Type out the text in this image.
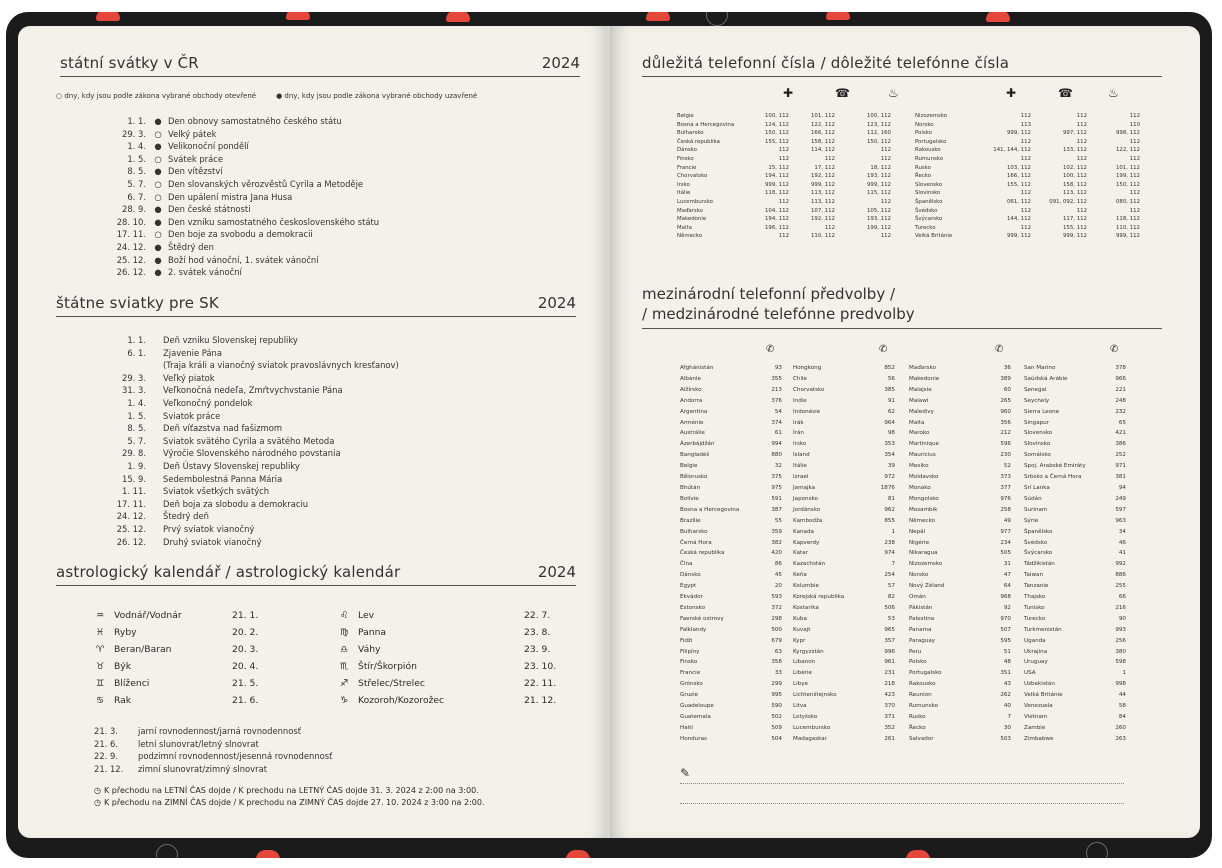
státní svátky v ČR	2024
○ dny, kdy jsou podle zákona vybrané obchody otevřené	● dny, kdy jsou podle zákona vybrané obchody uzavřené
1. 1. ● Den obnovy samostatného českého státu
29. 3. ○ Velký pátek
1. 4. ● Velikonoční pondělí
1. 5. ○ Svátek práce
8. 5. ● Den vítězství
5. 7. ○ Den slovanských věrozvěstů Cyrila a Metoděje
6. 7. ○ Den upálení mistra Jana Husa
28. 9. ● Den české státnosti
28. 10. ● Den vzniku samostatného československého státu
17. 11. ○ Den boje za svobodu a demokracii
24. 12. ● Štědrý den
25. 12. ● Boží hod vánoční, 1. svátek vánoční
26. 12. ● 2. svátek vánoční
štátne sviatky pre SK	2024
1. 1. Deň vzniku Slovenskej republiky
6. 1. Zjavenie Pána
(Traja králi a vianočný sviatok pravoslávnych kresťanov)
29. 3. Veľký piatok
31. 3. Veľkonočná nedeľa, Zmŕtvychvstanie Pána
1. 4. Veľkonočný pondelok
1. 5. Sviatok práce
8. 5. Deň víťazstva nad fašizmom
5. 7. Sviatok svätého Cyrila a svätého Metoda
29. 8. Výročie Slovenského národného povstania
1. 9. Deň Ústavy Slovenskej republiky
15. 9. Sedembolestná Panna Mária
1. 11. Sviatok všetkých svätých
17. 11. Deň boja za slobodu a demokraciu
24. 12. Štedrý deň
25. 12. Prvý sviatok vianočný
26. 12. Druhý sviatok vianočný
astrologický kalendář / astrologický kalendár	2024
♒	Vodnář/Vodnár	21. 1.
♓	Ryby	20. 2.
♈	Beran/Baran	20. 3.
♉	Býk	20. 4.
♊	Blíženci	21. 5.
♋	Rak	21. 6.
♌	Lev	22. 7.
♍	Panna	23. 8.
♎	Váhy	23. 9.
♏	Štír/Škorpión	23. 10.
♐	Střelec/Strelec	22. 11.
♑	Kozoroh/Kozorožec	21. 12.
21. 3.	jarní rovnodennost/jarná rovnodennosť
21. 6.	letní slunovrat/letný slnovrat
22. 9.	podzimní rovnodennost/jesenná rovnodennosť
21. 12.	zimní slunovrat/zimný slnovrat
◷ K přechodu na LETNÍ ČAS dojde / K prechodu na LETNÝ ČAS dojde 31. 3. 2024 z 2:00 na 3:00.
◷ K přechodu na ZIMNÍ ČAS dojde / K prechodu na ZIMNÝ ČAS dojde 27. 10. 2024 z 3:00 na 2:00.
důležitá telefonní čísla / dôležité telefónne čísla
✚	☎	♨	✚	☎	♨
Belgie	100, 112	101, 112	100, 112
Bosna a Hercegovina	124, 112	122, 112	123, 112
Bulharsko	150, 112	166, 112	112, 160
Česká republika	155, 112	158, 112	150, 112
Dánsko	112	114, 112	112
Finsko	112	112	112
Francie	15, 112	17, 112	18, 112
Chorvatsko	194, 112	192, 112	193, 112
Irsko	999, 112	999, 112	999, 112
Itálie	118, 112	113, 112	115, 112
Lucembursko	112	113, 112	112
Maďarsko	104, 112	107, 112	105, 112
Makedonie	194, 112	192, 112	193, 112
Malta	196, 112	112	199, 112
Německo	112	110, 112	112
Nizozemsko	112	112	112
Norsko	113	112	110
Polsko	999, 112	997, 112	998, 112
Portugalsko	112	112	112
Rakousko	141, 144, 112	133, 112	122, 112
Rumunsko	112	112	112
Rusko	103, 112	102, 112	101, 112
Řecko	166, 112	100, 112	199, 112
Slovensko	155, 112	158, 112	150, 112
Slovinsko	112	113, 112	112
Španělsko	061, 112	091, 092, 112	080, 112
Švédsko	112	112	112
Švýcarsko	144, 112	117, 112	118, 112
Turecko	112	155, 112	110, 112
Velká Británie	999, 112	999, 112	999, 112
mezinárodní telefonní předvolby /
/ medzinárodné telefónne predvolby
✆	✆	✆	✆
Afghánistán	93
Albánie	355
Alžírsko	213
Andorra	376
Argentina	54
Arménie	374
Austrálie	61
Ázerbájdžán	994
Bangladéš	880
Belgie	32
Bělorusko	375
Bhútán	975
Bolívie	591
Bosna a Hercegovina	387
Brazílie	55
Bulharsko	359
Černá Hora	382
Česká republika	420
Čína	86
Dánsko	45
Egypt	20
Ekvádor	593
Estonsko	372
Faerské ostrovy	298
Falklandy	500
Fidži	679
Filipíny	63
Finsko	358
Francie	33
Grónsko	299
Gruzie	995
Guadeloupe	590
Guatemala	502
Haiti	509
Honduras	504
Hongkong	852
Chile	56
Chorvatsko	385
Indie	91
Indonésie	62
Irák	964
Írán	98
Irsko	353
Island	354
Itálie	39
Izrael	972
Jamajka	1876
Japonsko	81
Jordánsko	962
Kambodža	855
Kanada	1
Kapverdy	238
Katar	974
Kazachstán	7
Keňa	254
Kolumbie	57
Korejská republika	82
Kostarika	506
Kuba	53
Kuvajt	965
Kypr	357
Kyrgyzstán	996
Libanon	961
Libérie	231
Libye	218
Lichtenštejnsko	423
Litva	370
Lotyšsko	371
Lucembursko	352
Madagaskar	261
Maďarsko	36
Makedonie	389
Malajsie	60
Malawi	265
Maledivy	960
Malta	356
Maroko	212
Martinique	596
Mauricius	230
Mexiko	52
Moldavsko	373
Monako	377
Mongolsko	976
Mosambik	258
Německo	49
Nepál	977
Nigérie	234
Nikaragua	505
Nizozemsko	31
Norsko	47
Nový Zéland	64
Omán	968
Pákistán	92
Palestina	970
Panama	507
Paraguay	595
Peru	51
Polsko	48
Portugalsko	351
Rakousko	43
Reunion	262
Rumunsko	40
Rusko	7
Řecko	30
Salvador	503
San Marino	378
Saúdská Arábie	966
Senegal	221
Seychely	248
Sierra Leone	232
Singapur	65
Slovensko	421
Slovinsko	386
Somálsko	252
Spoj. Arabské Emiráty	971
Srbsko a Černá Hora	381
Srí Lanka	94
Súdán	249
Surinam	597
Sýrie	963
Španělsko	34
Švédsko	46
Švýcarsko	41
Tádžikistán	992
Taiwan	886
Tanzanie	255
Thajsko	66
Tunisko	216
Turecko	90
Turkmenistán	993
Uganda	256
Ukrajina	380
Uruguay	598
USA	1
Uzbekistán	998
Velká Británie	44
Venezuela	58
Vietnam	84
Zambie	260
Zimbabwe	263
✎
